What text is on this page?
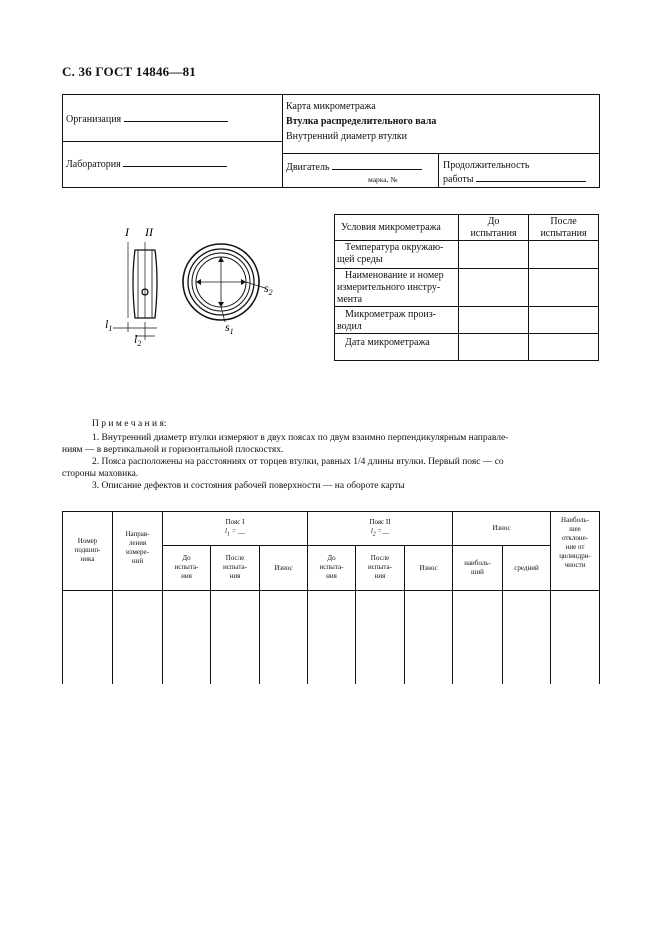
С. 36 ГОСТ 14846—81
Организация
Лаборатория
Карта микрометража
Втулка распределительного вала
Внутренний диаметр втулки
Двигатель
марка, №
Продолжительность
работы
I II
$l_1$
$l_2$
$s_2$
$s_1$
Условия микрометража
До
испытания
После
испытания
Температура окружаю-
щей среды
Наименование и номер
измерительного инстру-
мента
Микрометраж произ-
водил
Дата микрометража
П р и м е ч а н и я:
1. Внутренний диаметр втулки измеряют в двух поясах по двум взаимно перпендикулярным направле-
ниям — в вертикальной и горизонтальной плоскостях.
2. Пояса расположены на расстояниях от торцев втулки, равных 1/4 длины втулки. Первый пояс — со
стороны маховика.
3. Описание дефектов и состояния рабочей поверхности — на обороте карты
Номер
подшип-
ника
Направ-
ления
измере-
ний
Пояс I
$l_1$ = __
Пояс II
$l_2$ =__	Износ
Наиболь-
шее
отклоне-
ние от
цилиндри-
чности
До
испыта-
ния
После
испыта-
ния
Износ
До
испыта-
ния
После
испыта-
ния
Износ
наиболь-
ший	средний
